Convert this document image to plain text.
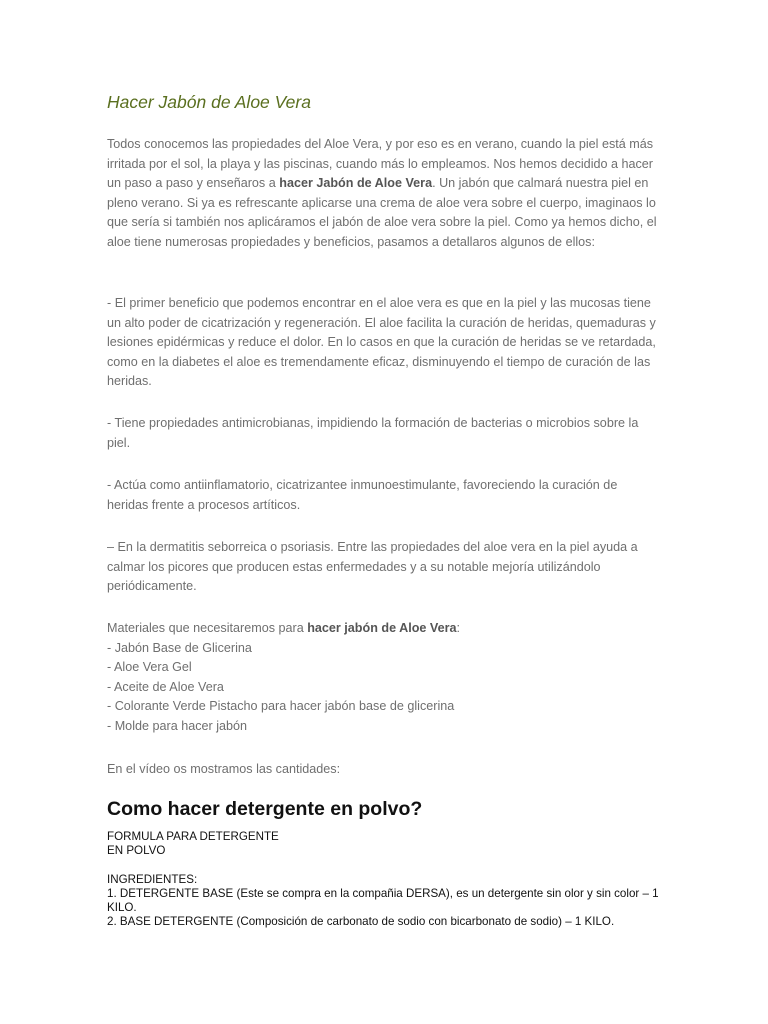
Hacer Jabón de Aloe Vera

Todos conocemos las propiedades del Aloe Vera, y por eso es en verano, cuando la piel está más irritada por el sol, la playa y las piscinas, cuando más lo empleamos. Nos hemos decidido a hacer un paso a paso y enseñaros a hacer Jabón de Aloe Vera. Un jabón que calmará nuestra piel en pleno verano. Si ya es refrescante aplicarse una crema de aloe vera sobre el cuerpo, imaginaos lo que sería si también nos aplicáramos el jabón de aloe vera sobre la piel. Como ya hemos dicho, el aloe tiene numerosas propiedades y beneficios, pasamos a detallaros algunos de ellos:

- El primer beneficio que podemos encontrar en el aloe vera es que en la piel y las mucosas tiene un alto poder de cicatrización y regeneración. El aloe facilita la curación de heridas, quemaduras y lesiones epidérmicas y reduce el dolor. En lo casos en que la curación de heridas se ve retardada, como en la diabetes el aloe es tremendamente eficaz, disminuyendo el tiempo de curación de las heridas.

- Tiene propiedades antimicrobianas, impidiendo la formación de bacterias o microbios sobre la piel.

- Actúa como antiinflamatorio, cicatrizantee inmunoestimulante, favoreciendo la curación de heridas frente a procesos artíticos.

– En la dermatitis seborreica o psoriasis. Entre las propiedades del aloe vera en la piel ayuda a calmar los picores que producen estas enfermedades y a su notable mejoría utilizándolo periódicamente.

Materiales que necesitaremos para hacer jabón de Aloe Vera:
- Jabón Base de Glicerina
- Aloe Vera Gel
- Aceite de Aloe Vera
- Colorante Verde Pistacho para hacer jabón base de glicerina
- Molde para hacer jabón

En el vídeo os mostramos las cantidades:

Como hacer detergente en polvo?
FORMULA PARA DETERGENTE
EN POLVO
INGREDIENTES:
1. DETERGENTE BASE (Este se compra en la compañia DERSA), es un detergente sin olor y sin color – 1 KILO.
2. BASE DETERGENTE (Composición de carbonato de sodio con bicarbonato de sodio) – 1 KILO.
